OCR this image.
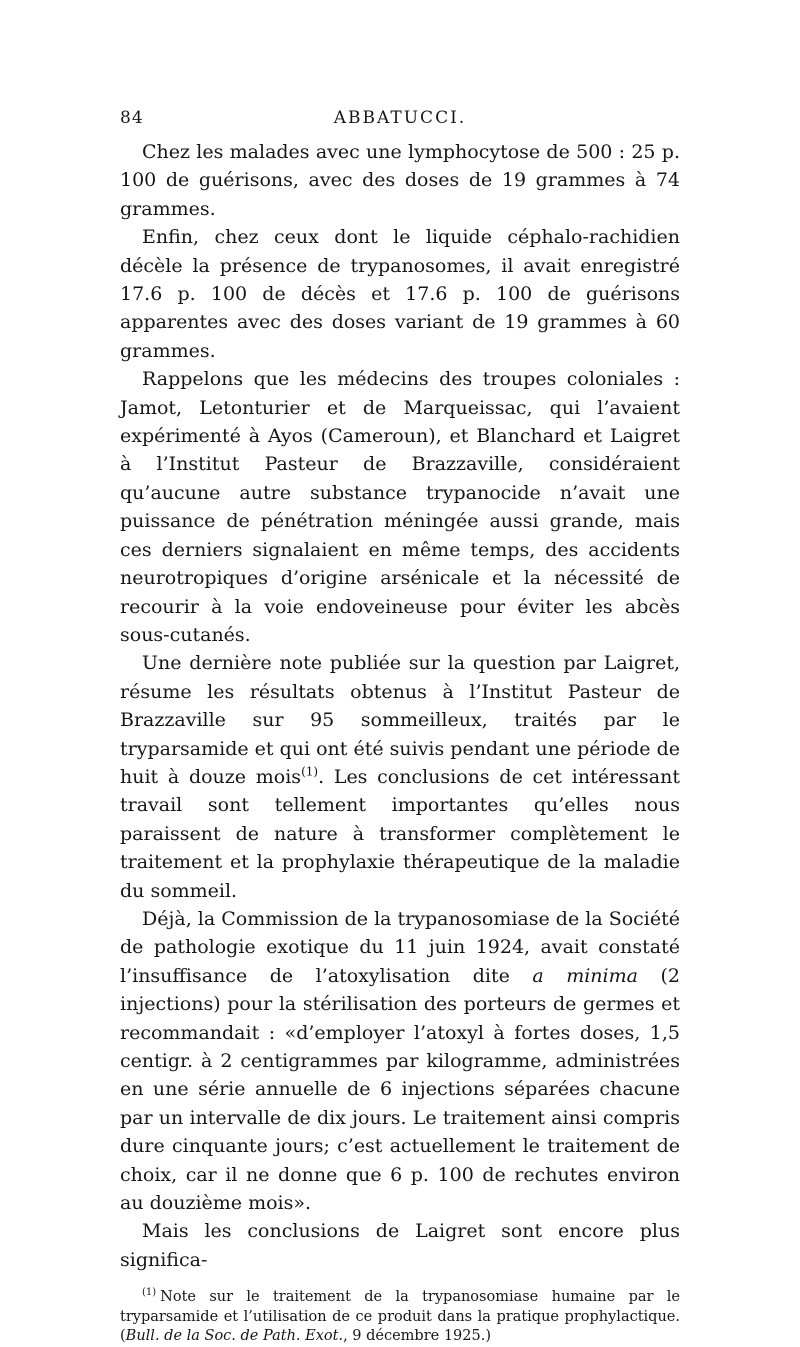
84	ABBATUCCI.

Chez les malades avec une lymphocytose de 500 : 25 p. 100 de guérisons, avec des doses de 19 grammes à 74 grammes.

Enfin, chez ceux dont le liquide céphalo-rachidien décèle la présence de trypanosomes, il avait enregistré 17.6 p. 100 de décès et 17.6 p. 100 de guérisons apparentes avec des doses variant de 19 grammes à 60 grammes.

Rappelons que les médecins des troupes coloniales : Jamot, Letonturier et de Marqueissac, qui l’avaient expérimenté à Ayos (Cameroun), et Blanchard et Laigret à l’Institut Pasteur de Brazzaville, considéraient qu’aucune autre substance trypanocide n’avait une puissance de pénétration méningée aussi grande, mais ces derniers signalaient en même temps, des accidents neurotropiques d’origine arsénicale et la nécessité de recourir à la voie endoveineuse pour éviter les abcès sous-cutanés.

Une dernière note publiée sur la question par Laigret, résume les résultats obtenus à l’Institut Pasteur de Brazzaville sur 95 sommeilleux, traités par le tryparsamide et qui ont été suivis pendant une période de huit à douze mois$^{(1)}$. Les conclusions de cet intéressant travail sont tellement importantes qu’elles nous paraissent de nature à transformer complètement le traitement et la prophylaxie thérapeutique de la maladie du sommeil.

Déjà, la Commission de la trypanosomiase de la Société de pathologie exotique du 11 juin 1924, avait constaté l’insuffisance de l’atoxylisation dite a minima (2 injections) pour la stérilisation des porteurs de germes et recommandait : «d’employer l’atoxyl à fortes doses, 1,5 centigr. à 2 centigrammes par kilogramme, administrées en une série annuelle de 6 injections séparées chacune par un intervalle de dix jours. Le traitement ainsi compris dure cinquante jours; c’est actuellement le traitement de choix, car il ne donne que 6 p. 100 de rechutes environ au douzième mois».

Mais les conclusions de Laigret sont encore plus significa-

$^{(1)}$ Note sur le traitement de la trypanosomiase humaine par le tryparsamide et l’utilisation de ce produit dans la pratique prophylactique. (Bull. de la Soc. de Path. Exot., 9 décembre 1925.)
